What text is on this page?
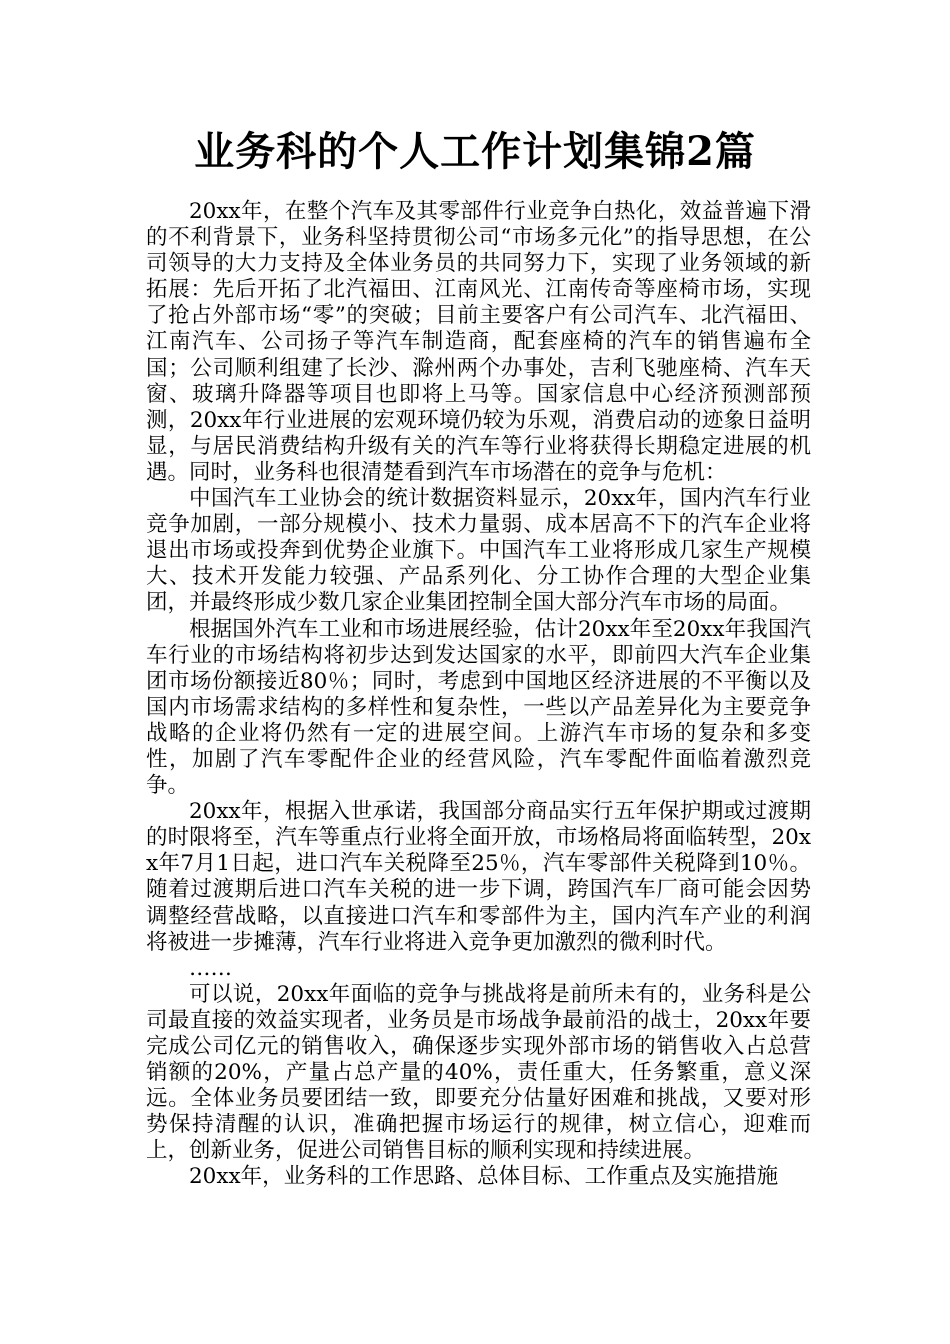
业务科的个人工作计划集锦2篇

20xx年，在整个汽车及其零部件行业竞争白热化，效益普遍下滑的不利背景下，业务科坚持贯彻公司“市场多元化”的指导思想，在公司领导的大力支持及全体业务员的共同努力下，实现了业务领域的新拓展：先后开拓了北汽福田、江南风光、江南传奇等座椅市场，实现了抢占外部市场“零”的突破；目前主要客户有公司汽车、北汽福田、江南汽车、公司扬子等汽车制造商，配套座椅的汽车的销售遍布全国；公司顺利组建了长沙、滁州两个办事处，吉利飞驰座椅、汽车天窗、玻璃升降器等项目也即将上马等。国家信息中心经济预测部预测，20xx年行业进展的宏观环境仍较为乐观，消费启动的迹象日益明显，与居民消费结构升级有关的汽车等行业将获得长期稳定进展的机遇。同时，业务科也很清楚看到汽车市场潜在的竞争与危机：

中国汽车工业协会的统计数据资料显示，20xx年，国内汽车行业竞争加剧，一部分规模小、技术力量弱、成本居高不下的汽车企业将退出市场或投奔到优势企业旗下。中国汽车工业将形成几家生产规模大、技术开发能力较强、产品系列化、分工协作合理的大型企业集团，并最终形成少数几家企业集团控制全国大部分汽车市场的局面。

根据国外汽车工业和市场进展经验，估计20xx年至20xx年我国汽车行业的市场结构将初步达到发达国家的水平，即前四大汽车企业集团市场份额接近80％；同时，考虑到中国地区经济进展的不平衡以及国内市场需求结构的多样性和复杂性，一些以产品差异化为主要竞争战略的企业将仍然有一定的进展空间。上游汽车市场的复杂和多变性，加剧了汽车零配件企业的经营风险，汽车零配件面临着激烈竞争。

20xx年，根据入世承诺，我国部分商品实行五年保护期或过渡期的时限将至，汽车等重点行业将全面开放，市场格局将面临转型，20xx年7月1日起，进口汽车关税降至25％，汽车零部件关税降到10％。随着过渡期后进口汽车关税的进一步下调，跨国汽车厂商可能会因势调整经营战略，以直接进口汽车和零部件为主，国内汽车产业的利润将被进一步摊薄，汽车行业将进入竞争更加激烈的微利时代。

……

可以说，20xx年面临的竞争与挑战将是前所未有的，业务科是公司最直接的效益实现者，业务员是市场战争最前沿的战士，20xx年要完成公司亿元的销售收入，确保逐步实现外部市场的销售收入占总营销额的20%，产量占总产量的40%，责任重大，任务繁重，意义深远。全体业务员要团结一致，即要充分估量好困难和挑战，又要对形势保持清醒的认识，准确把握市场运行的规律，树立信心，迎难而上，创新业务，促进公司销售目标的顺利实现和持续进展。

20xx年，业务科的工作思路、总体目标、工作重点及实施措施
